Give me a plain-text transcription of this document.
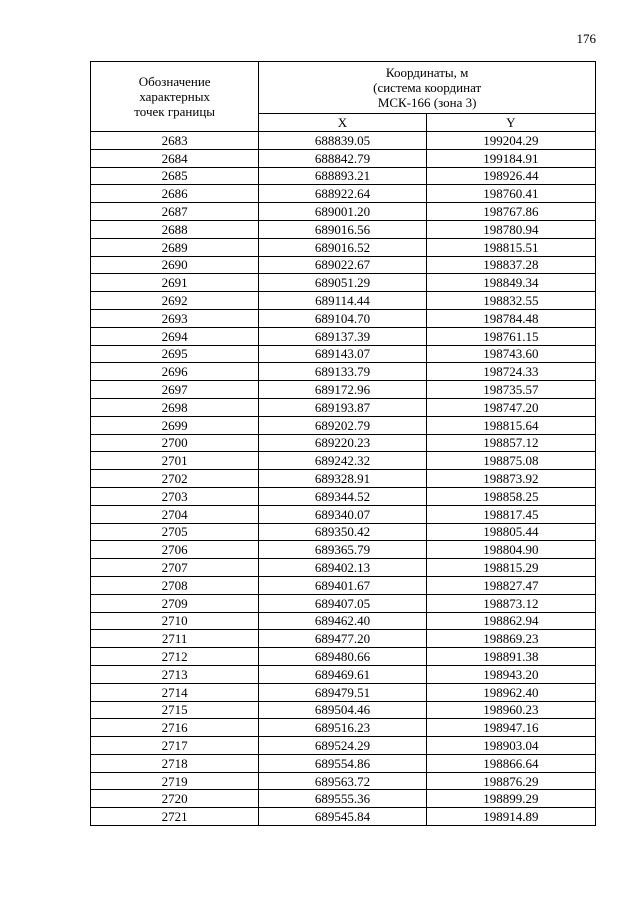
176
Обозначение
характерных
точек границы	Координаты, м
(система координат
МСК-166 (зона 3)	

	X	Y
2683	688839.05	199204.29
2684	688842.79	199184.91
2685	688893.21	198926.44
2686	688922.64	198760.41
2687	689001.20	198767.86
2688	689016.56	198780.94
2689	689016.52	198815.51
2690	689022.67	198837.28
2691	689051.29	198849.34
2692	689114.44	198832.55
2693	689104.70	198784.48
2694	689137.39	198761.15
2695	689143.07	198743.60
2696	689133.79	198724.33
2697	689172.96	198735.57
2698	689193.87	198747.20
2699	689202.79	198815.64
2700	689220.23	198857.12
2701	689242.32	198875.08
2702	689328.91	198873.92
2703	689344.52	198858.25
2704	689340.07	198817.45
2705	689350.42	198805.44
2706	689365.79	198804.90
2707	689402.13	198815.29
2708	689401.67	198827.47
2709	689407.05	198873.12
2710	689462.40	198862.94
2711	689477.20	198869.23
2712	689480.66	198891.38
2713	689469.61	198943.20
2714	689479.51	198962.40
2715	689504.46	198960.23
2716	689516.23	198947.16
2717	689524.29	198903.04
2718	689554.86	198866.64
2719	689563.72	198876.29
2720	689555.36	198899.29
2721	689545.84	198914.89
